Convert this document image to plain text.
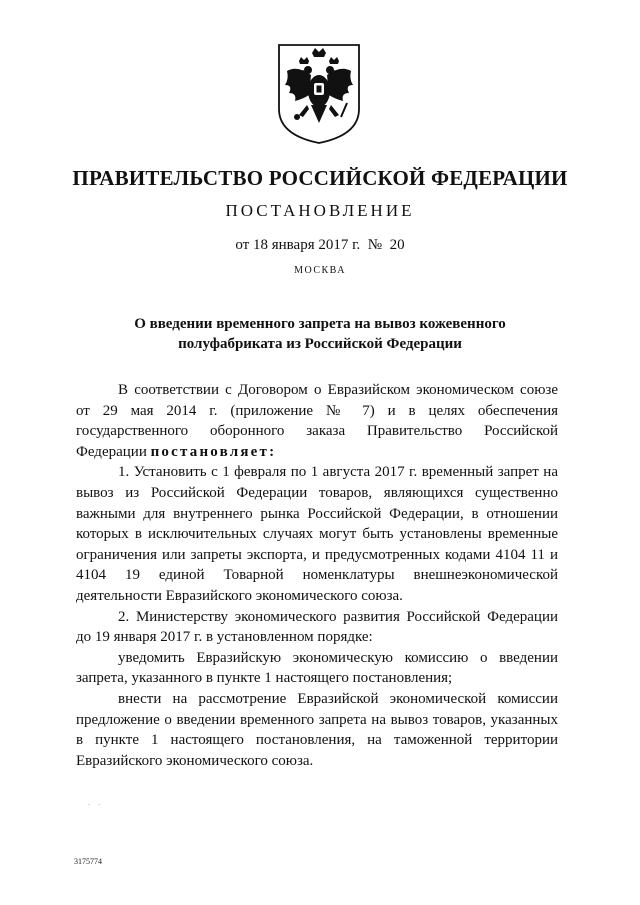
ПРАВИТЕЛЬСТВО РОССИЙСКОЙ ФЕДЕРАЦИИ
ПОСТАНОВЛЕНИЕ
от 18 января 2017 г.  №  20
МОСКВА
О введении временного запрета на вывоз кожевенного
полуфабриката из Российской Федерации

В соответствии с Договором о Евразийском экономическом союзе от 29 мая 2014 г. (приложение № 7) и в целях обеспечения государственного оборонного заказа Правительство Российской Федерации постановляет:

1. Установить с 1 февраля по 1 августа 2017 г. временный запрет на вывоз из Российской Федерации товаров, являющихся существенно важными для внутреннего рынка Российской Федерации, в отношении которых в исключительных случаях могут быть установлены временные ограничения или запреты экспорта, и предусмотренных кодами 4104 11 и 4104 19 единой Товарной номенклатуры внешнеэкономической деятельности Евразийского экономического союза.

2. Министерству экономического развития Российской Федерации до 19 января 2017 г. в установленном порядке:

уведомить Евразийскую экономическую комиссию о введении запрета, указанного в пункте 1 настоящего постановления;

внести на рассмотрение Евразийской экономической комиссии предложение о введении временного запрета на вывоз товаров, указанных в пункте 1 настоящего постановления, на таможенной территории Евразийского экономического союза.

. .
3175774
